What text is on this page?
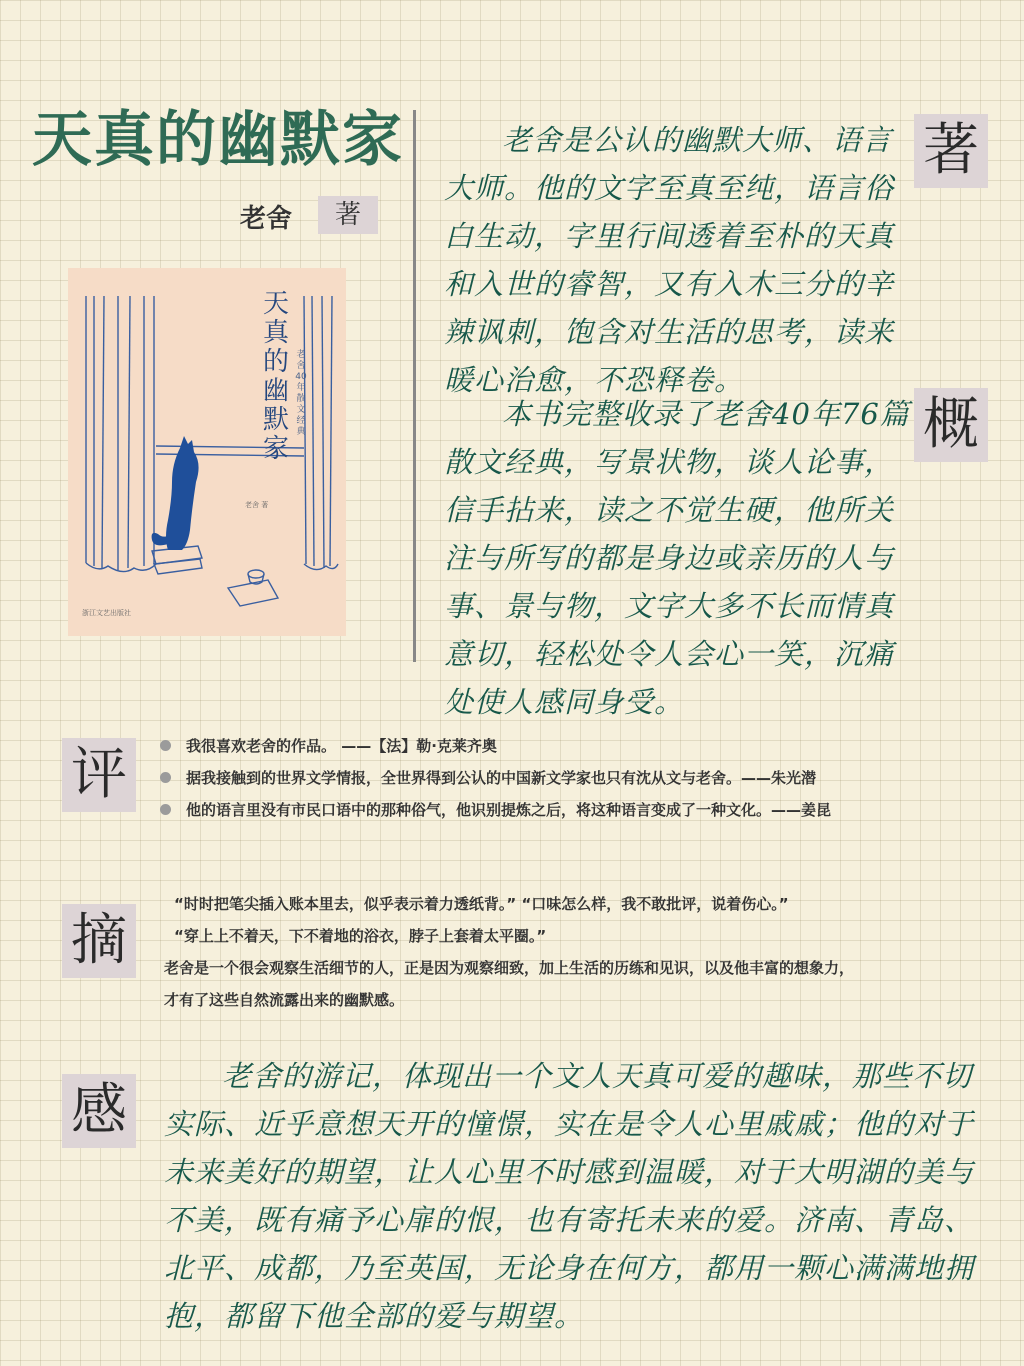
天真的幽默家
老舍	著
天真的幽默家
老舍40年散文经典
老舍 著
浙江文艺出版社
老舍是公认的幽默大师、语言大师。他的文字至真至纯，语言俗白生动，字里行间透着至朴的天真和入世的睿智，又有入木三分的辛辣讽刺，饱含对生活的思考，读来暖心治愈，不恐释卷。
著
本书完整收录了老舍40年76篇散文经典，写景状物，谈人论事，信手拈来，读之不觉生硬，他所关注与所写的都是身边或亲历的人与事、景与物，文字大多不长而情真意切，轻松处令人会心一笑，沉痛处使人感同身受。
概
评	我很喜欢老舍的作品。 ——【法】勒·克莱齐奥
据我接触到的世界文学情报，全世界得到公认的中国新文学家也只有沈从文与老舍。——朱光潜
他的语言里没有市民口语中的那种俗气，他识别提炼之后，将这种语言变成了一种文化。——姜昆
摘
“时时把笔尖插入账本里去，似乎表示着力透纸背。” “口味怎么样，我不敢批评，说着伤心。”
“穿上上不着天，下不着地的浴衣，脖子上套着太平圈。”
老舍是一个很会观察生活细节的人，正是因为观察细致，加上生活的历练和见识，以及他丰富的想象力，
才有了这些自然流露出来的幽默感。
感
老舍的游记，体现出一个文人天真可爱的趣味，那些不切实际、近乎意想天开的憧憬，实在是令人心里戚戚；他的对于未来美好的期望，让人心里不时感到温暖，对于大明湖的美与不美，既有痛予心扉的恨，也有寄托未来的爱。济南、青岛、北平、成都，乃至英国，无论身在何方，都用一颗心满满地拥抱，都留下他全部的爱与期望。
